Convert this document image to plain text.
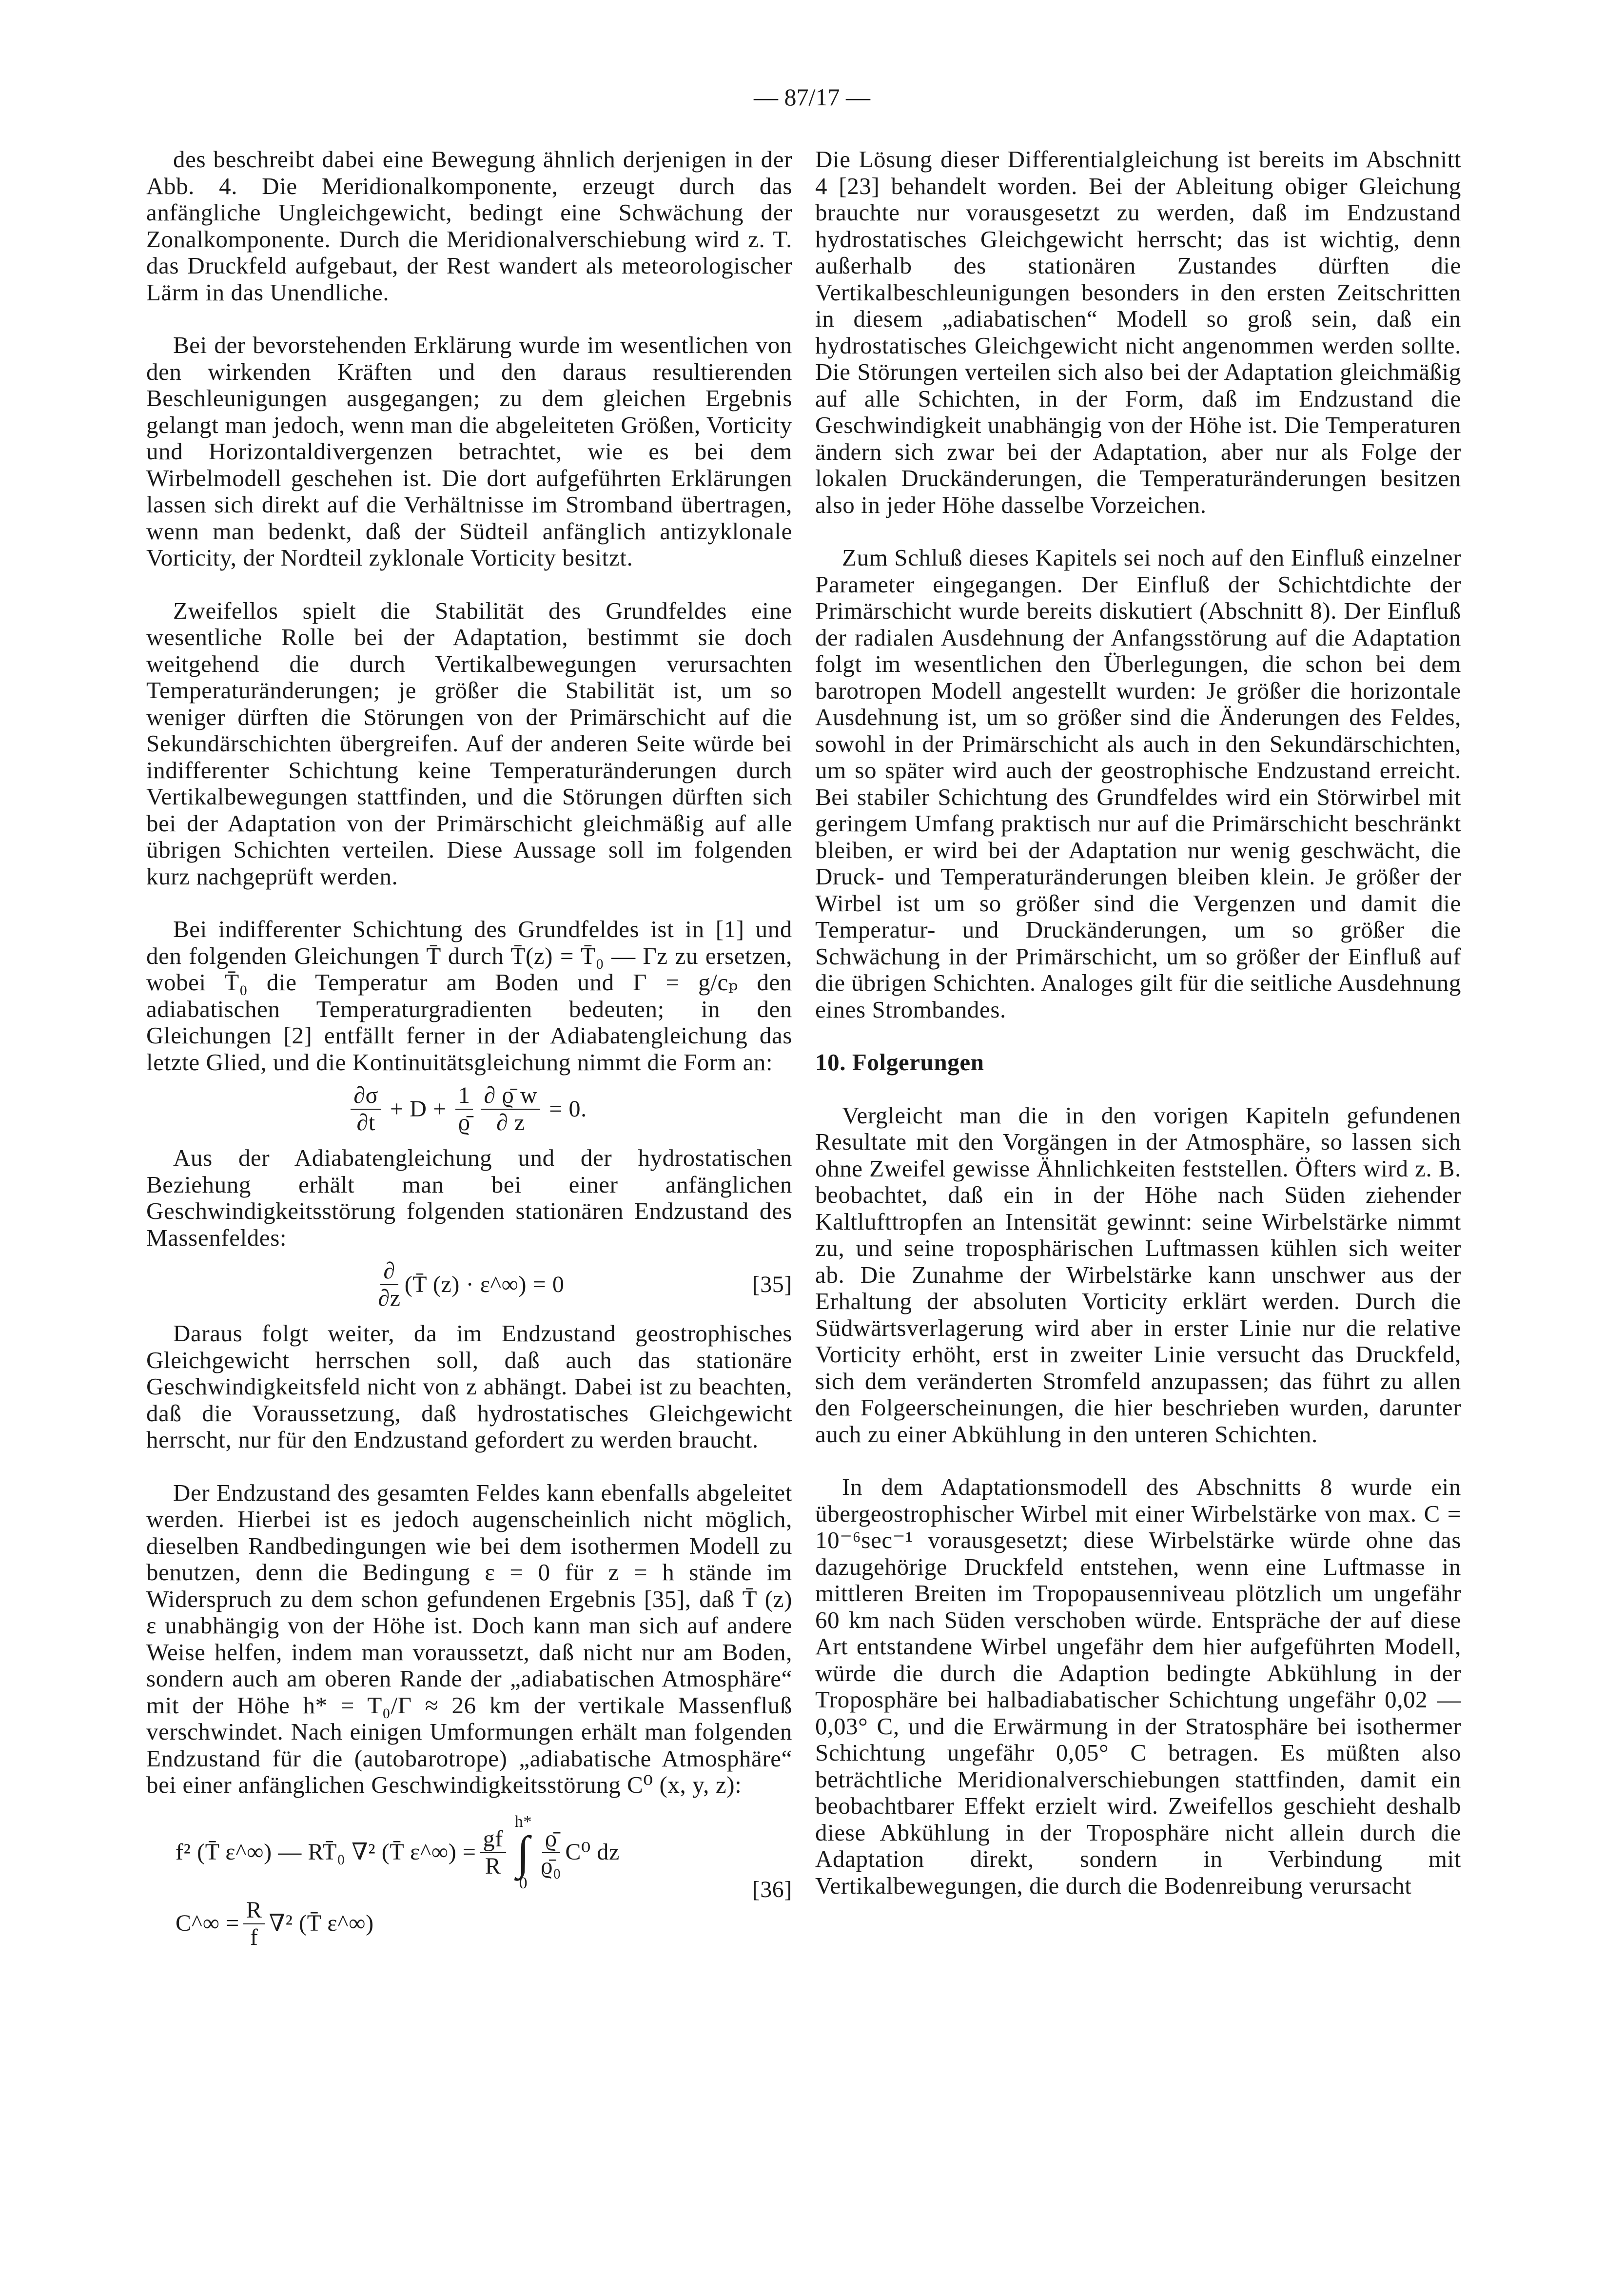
— 87/17 —

des beschreibt dabei eine Bewegung ähnlich derjenigen in der Abb. 4. Die Meridionalkomponente, erzeugt durch das anfängliche Ungleichgewicht, bedingt eine Schwächung der Zonalkomponente. Durch die Meridionalverschiebung wird z. T. das Druckfeld aufgebaut, der Rest wandert als meteorologischer Lärm in das Unendliche.

Bei der bevorstehenden Erklärung wurde im wesentlichen von den wirkenden Kräften und den daraus resultierenden Beschleunigungen ausgegangen; zu dem gleichen Ergebnis gelangt man jedoch, wenn man die abgeleiteten Größen, Vorticity und Horizontaldivergenzen betrachtet, wie es bei dem Wirbelmodell geschehen ist. Die dort aufgeführten Erklärungen lassen sich direkt auf die Verhältnisse im Stromband übertragen, wenn man bedenkt, daß der Südteil anfänglich antizyklonale Vorticity, der Nordteil zyklonale Vorticity besitzt.

Zweifellos spielt die Stabilität des Grundfeldes eine wesentliche Rolle bei der Adaptation, bestimmt sie doch weitgehend die durch Vertikalbewegungen verursachten Temperaturänderungen; je größer die Stabilität ist, um so weniger dürften die Störungen von der Primärschicht auf die Sekundärschichten übergreifen. Auf der anderen Seite würde bei indifferenter Schichtung keine Temperaturänderungen durch Vertikalbewegungen stattfinden, und die Störungen dürften sich bei der Adaptation von der Primärschicht gleichmäßig auf alle übrigen Schichten verteilen. Diese Aussage soll im folgenden kurz nachgeprüft werden.

Bei indifferenter Schichtung des Grundfeldes ist in [1] und den folgenden Gleichungen T̄ durch T̄(z) = T̄₀ — Γz zu ersetzen, wobei T̄₀ die Temperatur am Boden und Γ = g/cₚ den adiabatischen Temperaturgradienten bedeuten; in den Gleichungen [2] entfällt ferner in der Adiabatengleichung das letzte Glied, und die Kontinuitätsgleichung nimmt die Form an:

$\frac{\partial\sigma}{\partial t} + D + \frac{1}{ϱ̄} \frac{\partial ϱ̄ w}{\partial z} = 0$.

Aus der Adiabatengleichung und der hydrostatischen Beziehung erhält man bei einer anfänglichen Geschwindigkeitsstörung folgenden stationären Endzustand des Massenfeldes:

$\frac{\partial}{\partial z}$ (T̄ (z) · ε^∞) = 0	[35]

Daraus folgt weiter, da im Endzustand geostrophisches Gleichgewicht herrschen soll, daß auch das stationäre Geschwindigkeitsfeld nicht von z abhängt. Dabei ist zu beachten, daß die Voraussetzung, daß hydrostatisches Gleichgewicht herrscht, nur für den Endzustand gefordert zu werden braucht.

Der Endzustand des gesamten Feldes kann ebenfalls abgeleitet werden. Hierbei ist es jedoch augenscheinlich nicht möglich, dieselben Randbedingungen wie bei dem isothermen Modell zu benutzen, denn die Bedingung ε = 0 für z = h stände im Widerspruch zu dem schon gefundenen Ergebnis [35], daß T̄ (z) ε unabhängig von der Höhe ist. Doch kann man sich auf andere Weise helfen, indem man voraussetzt, daß nicht nur am Boden, sondern auch am oberen Rande der „adiabatischen Atmosphäre“ mit der Höhe h* = T₀/Γ ≈ 26 km der vertikale Massenfluß verschwindet. Nach einigen Umformungen erhält man folgenden Endzustand für die (autobarotrope) „adiabatische Atmosphäre“ bei einer anfänglichen Geschwindigkeitsstörung C⁰ (x, y, z):

f² (T̄ ε^∞) — RT̄₀ ∇² (T̄ ε^∞) = $\frac{gf}{R}$
h*
∫
0
$\frac{ϱ̄}{\text{ϱ̄₀}} C^0$ dz
C^∞ = $\frac{R}{f} \nabla^2$ (T̄ ε^∞)
[36]

Die Lösung dieser Differentialgleichung ist bereits im Abschnitt 4 [23] behandelt worden. Bei der Ableitung obiger Gleichung brauchte nur vorausgesetzt zu werden, daß im Endzustand hydrostatisches Gleichgewicht herrscht; das ist wichtig, denn außerhalb des stationären Zustandes dürften die Vertikalbeschleunigungen besonders in den ersten Zeitschritten in diesem „adiabatischen“ Modell so groß sein, daß ein hydrostatisches Gleichgewicht nicht angenommen werden sollte. Die Störungen verteilen sich also bei der Adaptation gleichmäßig auf alle Schichten, in der Form, daß im Endzustand die Geschwindigkeit unabhängig von der Höhe ist. Die Temperaturen ändern sich zwar bei der Adaptation, aber nur als Folge der lokalen Druckänderungen, die Temperaturänderungen besitzen also in jeder Höhe dasselbe Vorzeichen.

Zum Schluß dieses Kapitels sei noch auf den Einfluß einzelner Parameter eingegangen. Der Einfluß der Schichtdichte der Primärschicht wurde bereits diskutiert (Abschnitt 8). Der Einfluß der radialen Ausdehnung der Anfangsstörung auf die Adaptation folgt im wesentlichen den Überlegungen, die schon bei dem barotropen Modell angestellt wurden: Je größer die horizontale Ausdehnung ist, um so größer sind die Änderungen des Feldes, sowohl in der Primärschicht als auch in den Sekundärschichten, um so später wird auch der geostrophische Endzustand erreicht. Bei stabiler Schichtung des Grundfeldes wird ein Störwirbel mit geringem Umfang praktisch nur auf die Primärschicht beschränkt bleiben, er wird bei der Adaptation nur wenig geschwächt, die Druck- und Temperaturänderungen bleiben klein. Je größer der Wirbel ist um so größer sind die Vergenzen und damit die Temperatur- und Druckänderungen, um so größer die Schwächung in der Primärschicht, um so größer der Einfluß auf die übrigen Schichten. Analoges gilt für die seitliche Ausdehnung eines Strombandes.

10. Folgerungen

Vergleicht man die in den vorigen Kapiteln gefundenen Resultate mit den Vorgängen in der Atmosphäre, so lassen sich ohne Zweifel gewisse Ähnlichkeiten feststellen. Öfters wird z. B. beobachtet, daß ein in der Höhe nach Süden ziehender Kaltlufttropfen an Intensität gewinnt: seine Wirbelstärke nimmt zu, und seine troposphärischen Luftmassen kühlen sich weiter ab. Die Zunahme der Wirbelstärke kann unschwer aus der Erhaltung der absoluten Vorticity erklärt werden. Durch die Südwärtsverlagerung wird aber in erster Linie nur die relative Vorticity erhöht, erst in zweiter Linie versucht das Druckfeld, sich dem veränderten Stromfeld anzupassen; das führt zu allen den Folgeerscheinungen, die hier beschrieben wurden, darunter auch zu einer Abkühlung in den unteren Schichten.

In dem Adaptationsmodell des Abschnitts 8 wurde ein übergeostrophischer Wirbel mit einer Wirbelstärke von max. C = 10⁻⁶sec⁻¹ vorausgesetzt; diese Wirbelstärke würde ohne das dazugehörige Druckfeld entstehen, wenn eine Luftmasse in mittleren Breiten im Tropopausenniveau plötzlich um ungefähr 60 km nach Süden verschoben würde. Entspräche der auf diese Art entstandene Wirbel ungefähr dem hier aufgeführten Modell, würde die durch die Adaption bedingte Abkühlung in der Troposphäre bei halbadiabatischer Schichtung ungefähr 0,02 — 0,03° C, und die Erwärmung in der Stratosphäre bei isothermer Schichtung ungefähr 0,05° C betragen. Es müßten also beträchtliche Meridionalverschiebungen stattfinden, damit ein beobachtbarer Effekt erzielt wird. Zweifellos geschieht deshalb diese Abkühlung in der Troposphäre nicht allein durch die Adaptation direkt, sondern in Verbindung mit Vertikalbewegungen, die durch die Bodenreibung verursacht
